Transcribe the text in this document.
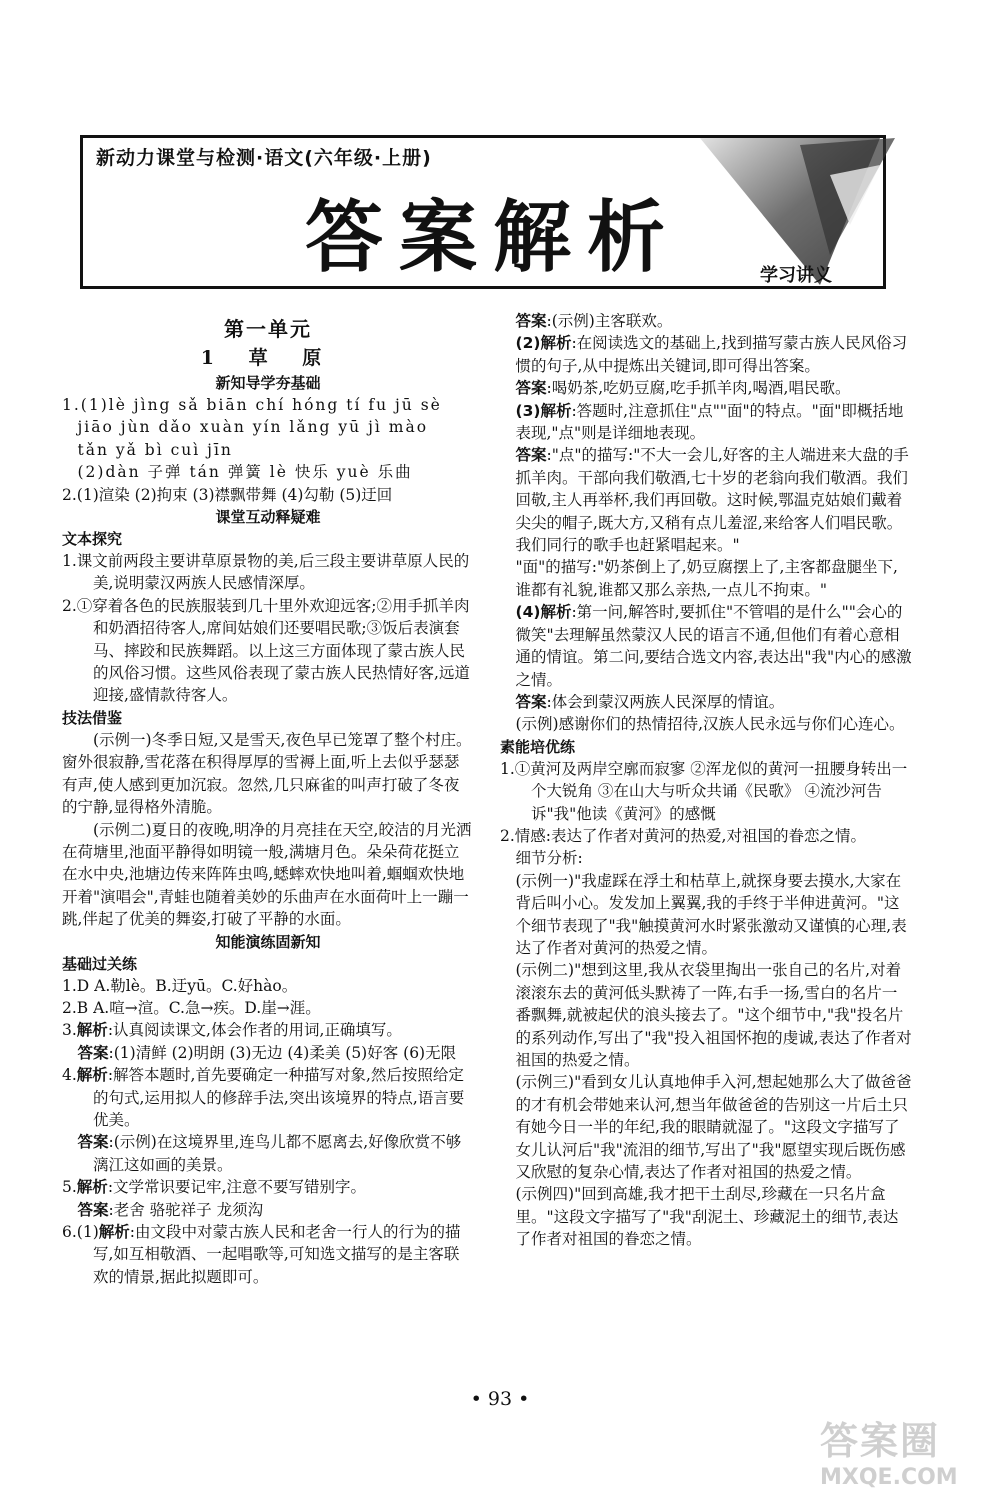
新动力课堂与检测·语文(六年级·上册)
答案解析	学习讲义
第一单元
1 草 原
新知导学夯基础

1.(1)lè jìng sǎ biān chí hóng tí fu jū sè

jiāo jùn dǎo xuàn yín lǎng yū jì mào

tǎn yǎ bì cuì jīn

(2)dàn 子弹 tán 弹簧 lè 快乐 yuè 乐曲

2.(1)渲染 (2)拘束 (3)襟飘带舞 (4)勾勒 (5)迂回

课堂互动释疑难
文本探究

1.课文前两段主要讲草原景物的美,后三段主要讲草原人民的美,说明蒙汉两族人民感情深厚。

2.①穿着各色的民族服装到几十里外欢迎远客;②用手抓羊肉和奶酒招待客人,席间姑娘们还要唱民歌;③饭后表演套马、摔跤和民族舞蹈。以上这三方面体现了蒙古族人民的风俗习惯。这些风俗表现了蒙古族人民热情好客,远道迎接,盛情款待客人。

技法借鉴

(示例一)冬季日短,又是雪天,夜色早已笼罩了整个村庄。窗外很寂静,雪花落在积得厚厚的雪褥上面,听上去似乎瑟瑟有声,使人感到更加沉寂。忽然,几只麻雀的叫声打破了冬夜的宁静,显得格外清脆。

(示例二)夏日的夜晚,明净的月亮挂在天空,皎洁的月光洒在荷塘里,池面平静得如明镜一般,满塘月色。朵朵荷花挺立在水中央,池塘边传来阵阵虫鸣,蟋蟀欢快地叫着,蝈蝈欢快地开着"演唱会",青蛙也随着美妙的乐曲声在水面荷叶上一蹦一跳,伴起了优美的舞姿,打破了平静的水面。

知能演练固新知
基础过关练

1.D A.勒lè。B.迂yū。C.好hào。

2.B A.喧→渲。C.急→疾。D.崖→涯。

3.解析:认真阅读课文,体会作者的用词,正确填写。

答案:(1)清鲜 (2)明朗 (3)无边 (4)柔美 (5)好客 (6)无限

4.解析:解答本题时,首先要确定一种描写对象,然后按照给定的句式,运用拟人的修辞手法,突出该境界的特点,语言要优美。

答案:(示例)在这境界里,连鸟儿都不愿离去,好像欣赏不够漓江这如画的美景。

5.解析:文学常识要记牢,注意不要写错别字。

答案:老舍 骆驼祥子 龙须沟

6.(1)解析:由文段中对蒙古族人民和老舍一行人的行为的描写,如互相敬酒、一起唱歌等,可知选文描写的是主客联欢的情景,据此拟题即可。

答案:(示例)主客联欢。

(2)解析:在阅读选文的基础上,找到描写蒙古族人民风俗习惯的句子,从中提炼出关键词,即可得出答案。

答案:喝奶茶,吃奶豆腐,吃手抓羊肉,喝酒,唱民歌。

(3)解析:答题时,注意抓住"点""面"的特点。"面"即概括地表现,"点"则是详细地表现。

答案:"点"的描写:"不大一会儿,好客的主人端进来大盘的手抓羊肉。干部向我们敬酒,七十岁的老翁向我们敬酒。我们回敬,主人再举杯,我们再回敬。这时候,鄂温克姑娘们戴着尖尖的帽子,既大方,又稍有点儿羞涩,来给客人们唱民歌。我们同行的歌手也赶紧唱起来。"

"面"的描写:"奶茶倒上了,奶豆腐摆上了,主客都盘腿坐下,谁都有礼貌,谁都又那么亲热,一点儿不拘束。"

(4)解析:第一问,解答时,要抓住"不管唱的是什么""会心的微笑"去理解虽然蒙汉人民的语言不通,但他们有着心意相通的情谊。第二问,要结合选文内容,表达出"我"内心的感激之情。

答案:体会到蒙汉两族人民深厚的情谊。

(示例)感谢你们的热情招待,汉族人民永远与你们心连心。

素能培优练

1.①黄河及两岸空廓而寂寥 ②浑龙似的黄河一扭腰身转出一个大锐角 ③在山大与听众共诵《民歌》 ④流沙河告诉"我"他读《黄河》的感慨

2.情感:表达了作者对黄河的热爱,对祖国的眷恋之情。

细节分析:

(示例一)"我虚踩在浮土和枯草上,就探身要去摸水,大家在背后叫小心。发发加上翼翼,我的手终于半伸进黄河。"这个细节表现了"我"触摸黄河水时紧张激动又谨慎的心理,表达了作者对黄河的热爱之情。

(示例二)"想到这里,我从衣袋里掏出一张自己的名片,对着滚滚东去的黄河低头默祷了一阵,右手一扬,雪白的名片一番飘舞,就被起伏的浪头接去了。"这个细节中,"我"投名片的系列动作,写出了"我"投入祖国怀抱的虔诚,表达了作者对祖国的热爱之情。

(示例三)"看到女儿认真地伸手入河,想起她那么大了做爸爸的才有机会带她来认河,想当年做爸爸的告别这一片后土只有她今日一半的年纪,我的眼睛就湿了。"这段文字描写了女儿认河后"我"流泪的细节,写出了"我"愿望实现后既伤感又欣慰的复杂心情,表达了作者对祖国的热爱之情。

(示例四)"回到高雄,我才把干土刮尽,珍藏在一只名片盒里。"这段文字描写了"我"刮泥土、珍藏泥土的细节,表达了作者对祖国的眷恋之情。

• 93 •
答案圈
MXQE.COM
